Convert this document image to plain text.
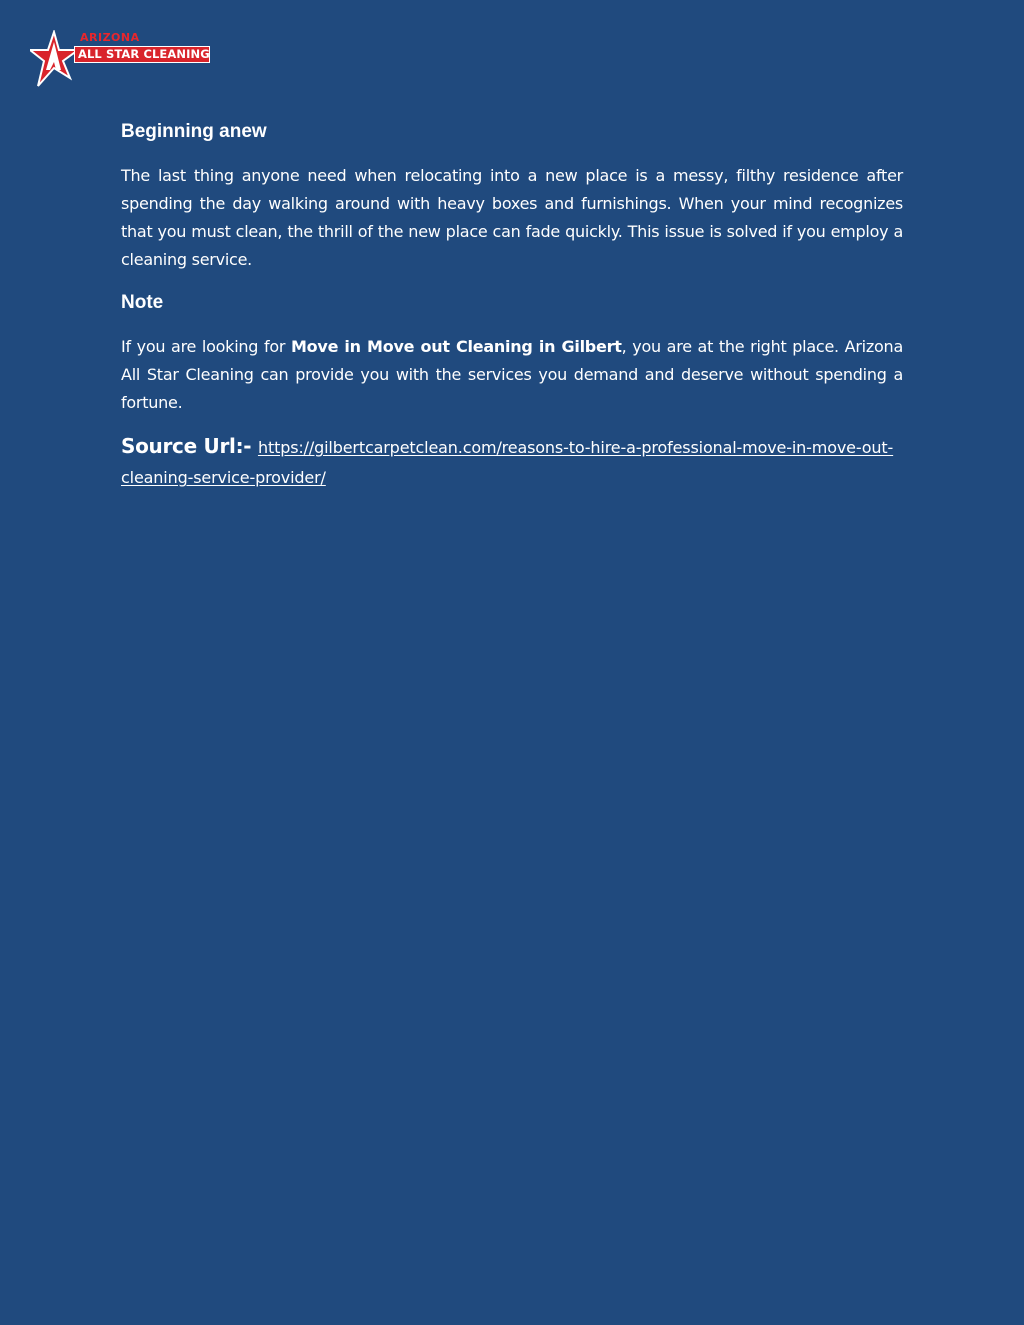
ARIZONA
ALL STAR CLEANING
Beginning anew

The last thing anyone need when relocating into a new place is a messy, filthy residence after spending the day walking around with heavy boxes and furnishings. When your mind recognizes that you must clean, the thrill of the new place can fade quickly. This issue is solved if you employ a cleaning service.

Note

If you are looking for Move in Move out Cleaning in Gilbert, you are at the right place. Arizona All Star Cleaning can provide you with the services you demand and deserve without spending a fortune.

Source Url:- https://gilbertcarpetclean.com/reasons-to-hire-a-professional-move-in-move-out-cleaning-service-provider/
